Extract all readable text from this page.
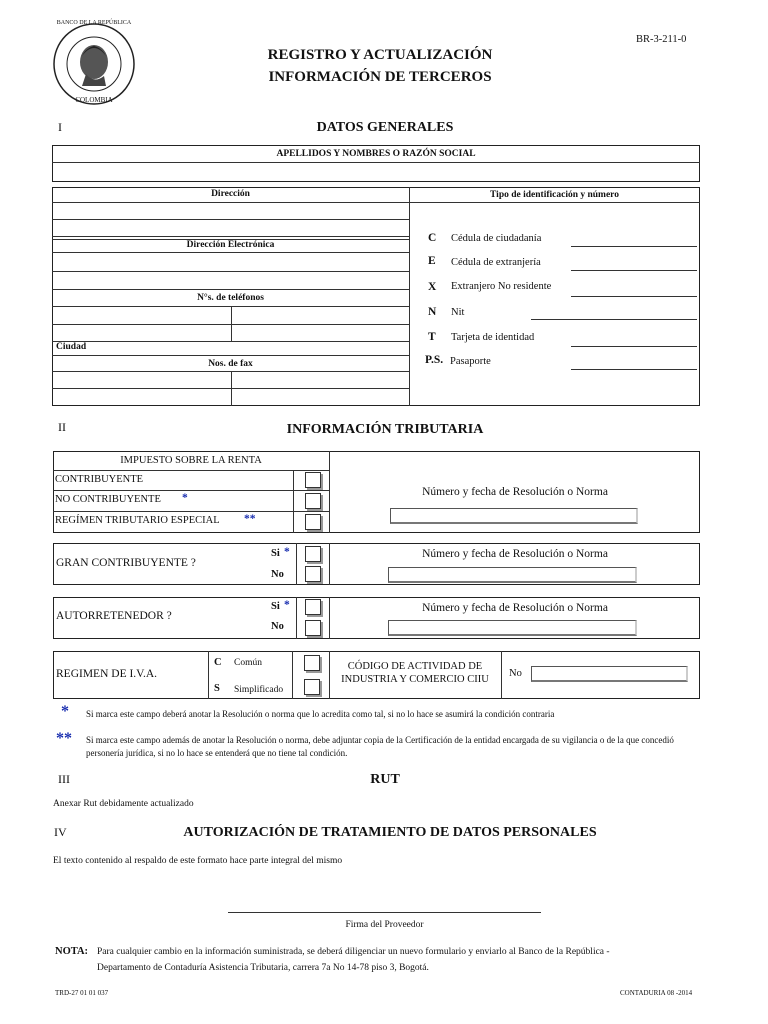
BANCO DE LA REPÚBLICA
COLOMBIA
BR-3-211-0
REGISTRO Y ACTUALIZACIÓN
INFORMACIÓN DE TERCEROS
I	DATOS GENERALES
APELLIDOS Y NOMBRES O RAZÓN SOCIAL
Dirección	Tipo de identificación y número
Dirección Electrónica
N°s. de teléfonos
Ciudad
Nos. de fax
C Cédula de ciudadanía
E Cédula de extranjería
X Extranjero No residente
N Nit
T Tarjeta de identidad
P.S. Pasaporte
II	INFORMACIÓN TRIBUTARIA
IMPUESTO SOBRE LA RENTA
CONTRIBUYENTE
NO CONTRIBUYENTE *
REGÍMEN TRIBUTARIO ESPECIAL **
Número y fecha de Resolución o Norma
GRAN CONTRIBUYENTE ?
Si *
No
Número y fecha de Resolución o Norma
AUTORRETENEDOR ?
Si *
No
Número y fecha de Resolución o Norma
REGIMEN DE I.V.A.
C Común
S Simplificado
CÓDIGO DE ACTIVIDAD DE
INDUSTRIA Y COMERCIO CIIU
No
* Si marca este campo deberá anotar la Resolución o norma que lo acredita como tal, si no lo hace se asumirá la condición contraria
** Si marca este campo además de anotar la Resolución o norma, debe adjuntar copia de la Certificación de la entidad encargada de su vigilancia o de la que concedió personería jurídica, si no lo hace se entenderá que no tiene tal condición.
III	RUT
Anexar Rut debidamente actualizado
IV	AUTORIZACIÓN DE TRATAMIENTO DE DATOS PERSONALES
El texto contenido al respaldo de este formato hace parte integral del mismo
Firma del Proveedor
NOTA: Para cualquier cambio en la información suministrada, se deberá diligenciar un nuevo formulario y enviarlo al Banco de la República -
Departamento de Contaduría Asistencia Tributaria, carrera 7a No 14-78 piso 3, Bogotá.
TRD-27 01 01 037	CONTADURIA 08 -2014
